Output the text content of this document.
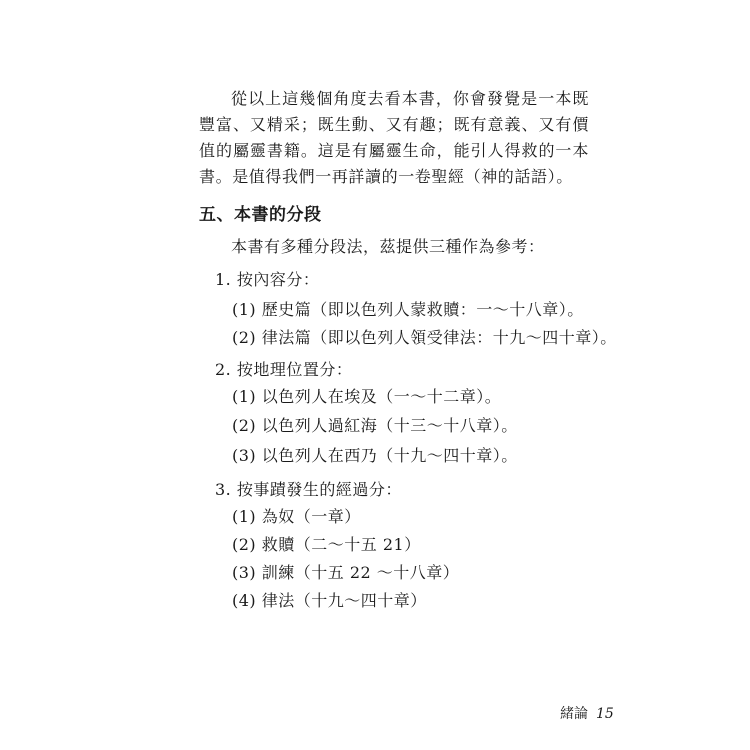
從以上這幾個角度去看本書，你會發覺是一本既豐富、又精采；既生動、又有趣；既有意義、又有價值的屬靈書籍。這是有屬靈生命，能引人得救的一本書。是值得我們一再詳讀的一卷聖經（神的話語）。

五、本書的分段

本書有多種分段法，茲提供三種作為參考：

1. 按內容分：

(1) 歷史篇（即以色列人蒙救贖：一～十八章）。

(2) 律法篇（即以色列人領受律法：十九～四十章）。

2. 按地理位置分：

(1) 以色列人在埃及（一～十二章）。

(2) 以色列人過紅海（十三～十八章）。

(3) 以色列人在西乃（十九～四十章）。

3. 按事蹟發生的經過分：

(1) 為奴（一章）

(2) 救贖（二～十五 21）

(3) 訓練（十五 22 ～十八章）

(4) 律法（十九～四十章）

緒論 15
